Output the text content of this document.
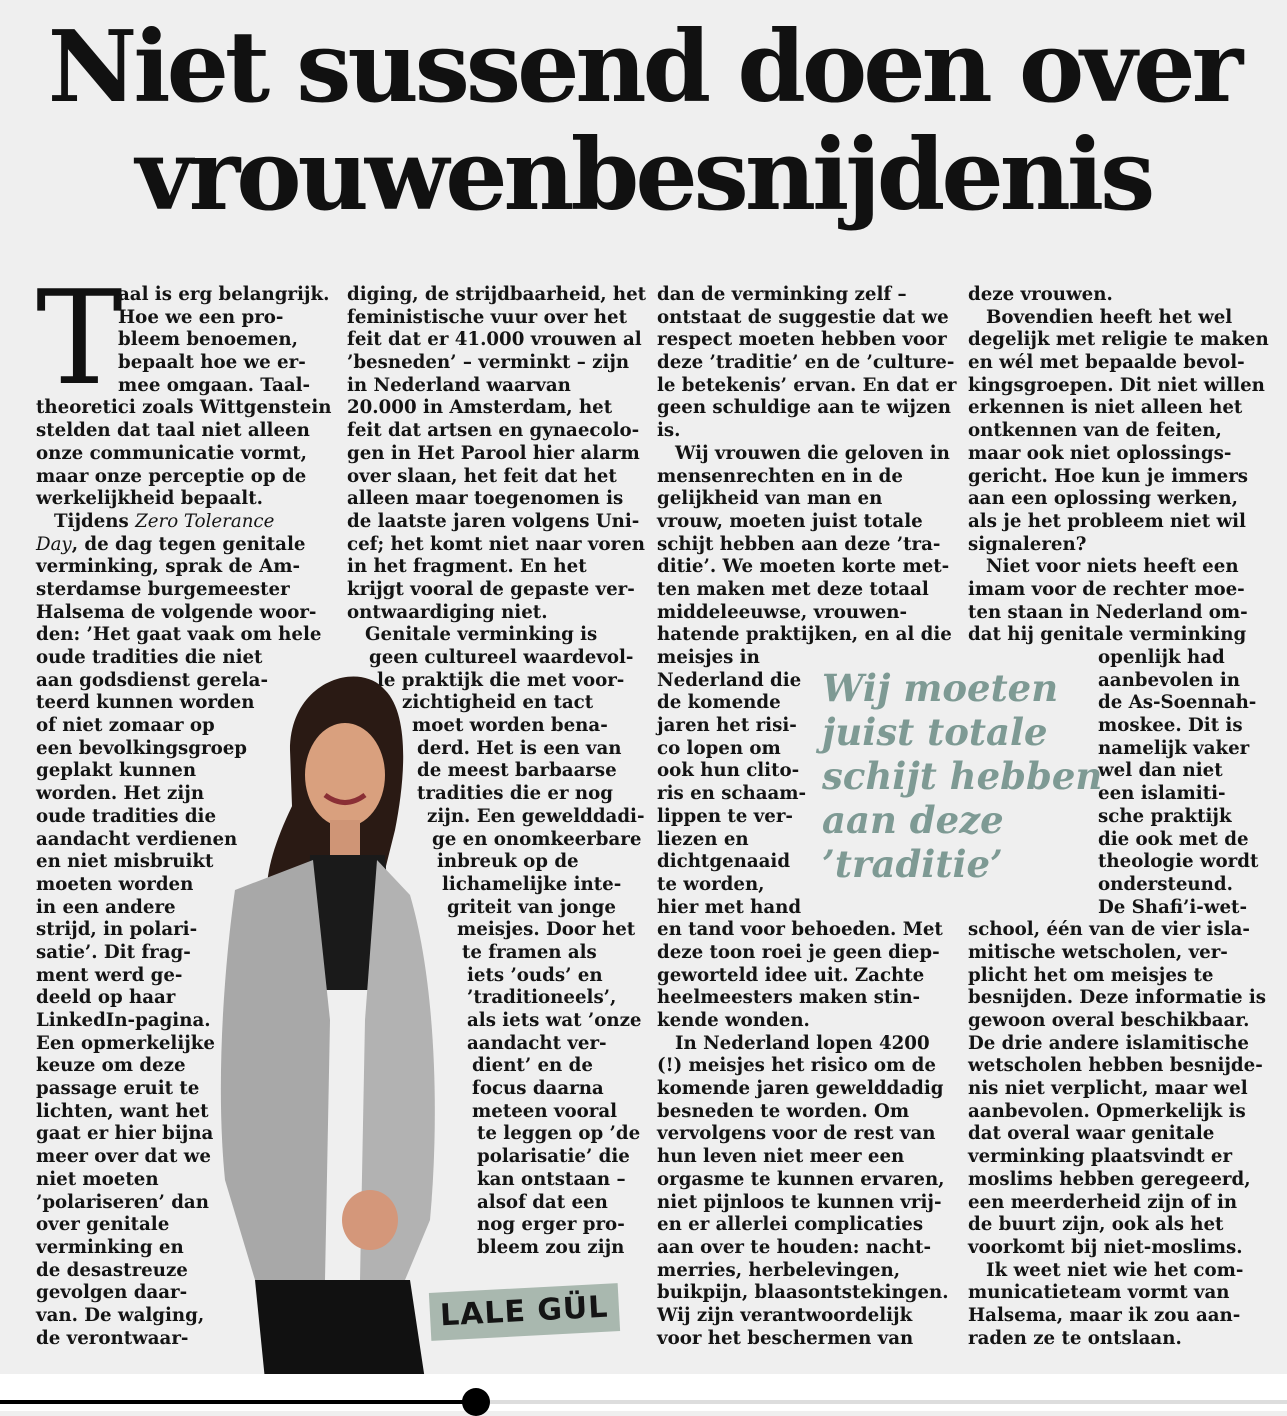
Niet sussend doen over
vrouwenbesnijdenis
T
aal is erg belangrijk.
Hoe we een pro-
bleem benoemen,
bepaalt hoe we er-
mee omgaan. Taal-
theoretici zoals Wittgenstein
stelden dat taal niet alleen
onze communicatie vormt,
maar onze perceptie op de
werkelijkheid bepaalt.
Tijdens Zero Tolerance
Day, de dag tegen genitale
verminking, sprak de Am-
sterdamse burgemeester
Halsema de volgende woor-
den: ’Het gaat vaak om hele
oude tradities die niet
aan godsdienst gerela-
teerd kunnen worden
of niet zomaar op
een bevolkingsgroep
geplakt kunnen
worden. Het zijn
oude tradities die
aandacht verdienen
en niet misbruikt
moeten worden
in een andere
strijd, in polari-
satie’. Dit frag-
ment werd ge-
deeld op haar
LinkedIn-pagina.
Een opmerkelijke
keuze om deze
passage eruit te
lichten, want het
gaat er hier bijna
meer over dat we
niet moeten
’polariseren’ dan
over genitale
verminking en
de desastreuze
gevolgen daar-
van. De walging,
de verontwaar-
diging, de strijdbaarheid, het
feministische vuur over het
feit dat er 41.000 vrouwen al
’besneden’ – verminkt – zijn
in Nederland waarvan
20.000 in Amsterdam, het
feit dat artsen en gynaecolo-
gen in Het Parool hier alarm
over slaan, het feit dat het
alleen maar toegenomen is
de laatste jaren volgens Uni-
cef; het komt niet naar voren
in het fragment. En het
krijgt vooral de gepaste ver-
ontwaardiging niet.
Genitale verminking is
geen cultureel waardevol-
le praktijk die met voor-
zichtigheid en tact
moet worden bena-
derd. Het is een van
de meest barbaarse
tradities die er nog
zijn. Een gewelddadi-
ge en onomkeerbare
inbreuk op de
lichamelijke inte-
griteit van jonge
meisjes. Door het
te framen als
iets ’ouds’ en
’traditioneels’,
als iets wat ’onze
aandacht ver-
dient’ en de
focus daarna
meteen vooral
te leggen op ’de
polarisatie’ die
kan ontstaan –
alsof dat een
nog erger pro-
bleem zou zijn
dan de verminking zelf –
ontstaat de suggestie dat we
respect moeten hebben voor
deze ’traditie’ en de ’culture-
le betekenis’ ervan. En dat er
geen schuldige aan te wijzen
is.
Wij vrouwen die geloven in
mensenrechten en in de
gelijkheid van man en
vrouw, moeten juist totale
schijt hebben aan deze ’tra-
ditie’. We moeten korte met-
ten maken met deze totaal
middeleeuwse, vrouwen-
hatende praktijken, en al die
meisjes in
Nederland die
de komende
jaren het risi-
co lopen om
ook hun clito-
ris en schaam-
lippen te ver-
liezen en
dichtgenaaid
te worden,
hier met hand
en tand voor behoeden. Met
deze toon roei je geen diep-
geworteld idee uit. Zachte
heelmeesters maken stin-
kende wonden.
In Nederland lopen 4200
(!) meisjes het risico om de
komende jaren gewelddadig
besneden te worden. Om
vervolgens voor de rest van
hun leven niet meer een
orgasme te kunnen ervaren,
niet pijnloos te kunnen vrij-
en er allerlei complicaties
aan over te houden: nacht-
merries, herbelevingen,
buikpijn, blaasontstekingen.
Wij zijn verantwoordelijk
voor het beschermen van
deze vrouwen.
Bovendien heeft het wel
degelijk met religie te maken
en wél met bepaalde bevol-
kingsgroepen. Dit niet willen
erkennen is niet alleen het
ontkennen van de feiten,
maar ook niet oplossings-
gericht. Hoe kun je immers
aan een oplossing werken,
als je het probleem niet wil
signaleren?
Niet voor niets heeft een
imam voor de rechter moe-
ten staan in Nederland om-
dat hij genitale verminking
openlijk had
aanbevolen in
de As-Soennah-
moskee. Dit is
namelijk vaker
wel dan niet
een islamiti-
sche praktijk
die ook met de
theologie wordt
ondersteund.
De Shafi’i-wet-
school, één van de vier isla-
mitische wetscholen, ver-
plicht het om meisjes te
besnijden. Deze informatie is
gewoon overal beschikbaar.
De drie andere islamitische
wetscholen hebben besnijde-
nis niet verplicht, maar wel
aanbevolen. Opmerkelijk is
dat overal waar genitale
verminking plaatsvindt er
moslims hebben geregeerd,
een meerderheid zijn of in
de buurt zijn, ook als het
voorkomt bij niet-moslims.
Ik weet niet wie het com-
municatieteam vormt van
Halsema, maar ik zou aan-
raden ze te ontslaan.
Wij moeten
juist totale
schijt hebben
aan deze
’traditie’
LALE GÜL
